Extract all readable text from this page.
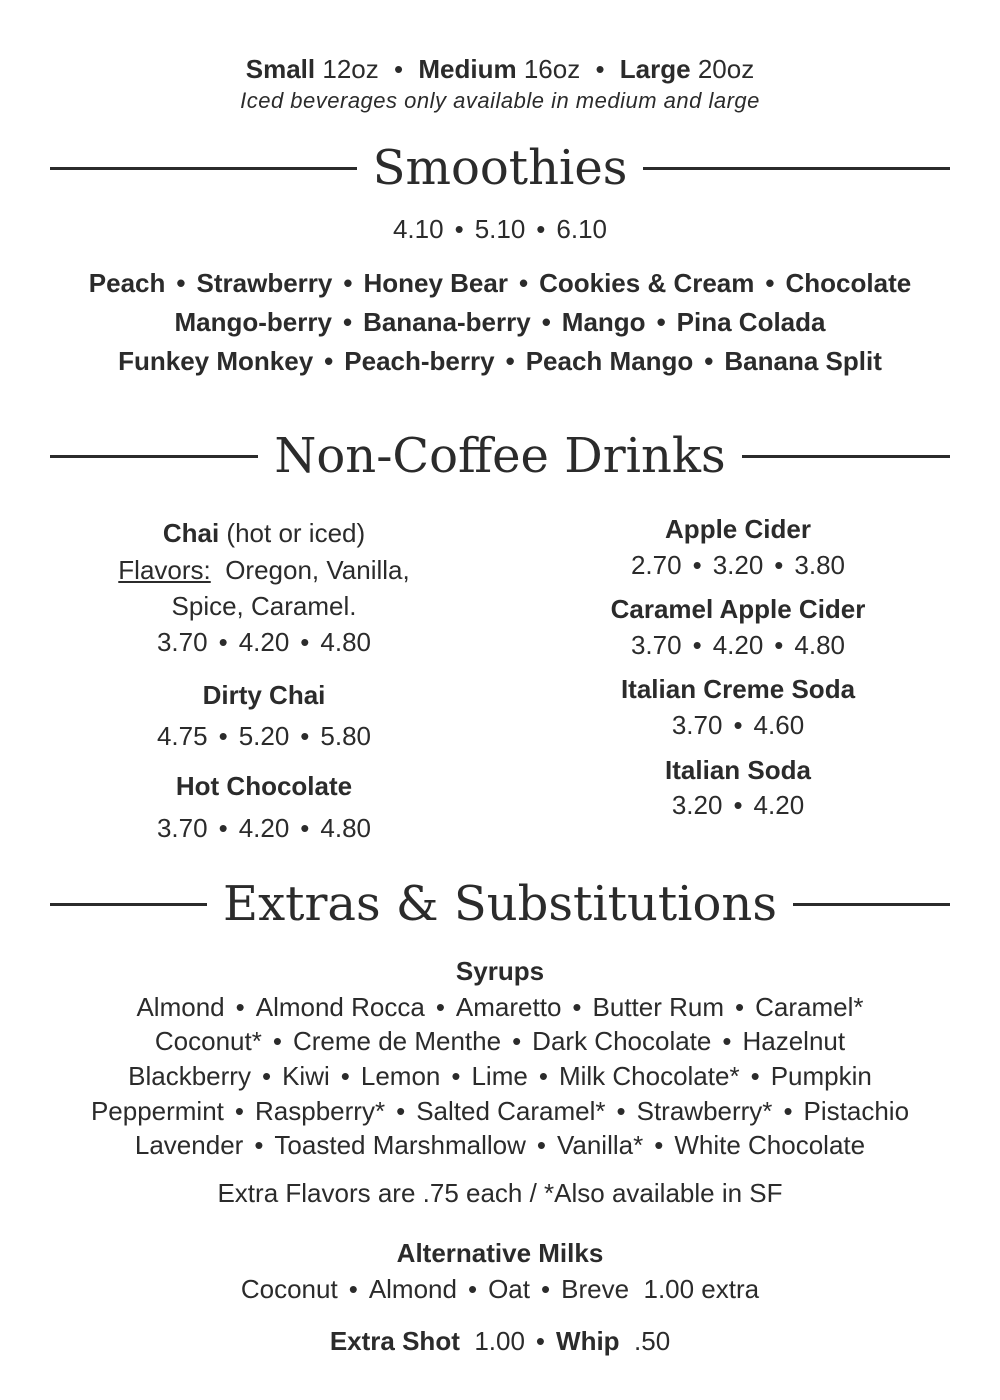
Small 12oz • Medium 16oz • Large 20oz
Iced beverages only available in medium and large
Smoothies
4.10 • 5.10 • 6.10
Peach • Strawberry • Honey Bear • Cookies & Cream • Chocolate
Mango-berry • Banana-berry • Mango • Pina Colada
Funkey Monkey • Peach-berry • Peach Mango • Banana Split
Non-Coffee Drinks
Chai (hot or iced)
Flavors: Oregon, Vanilla,
Spice, Caramel.
3.70 • 4.20 • 4.80
Dirty Chai
4.75 • 5.20 • 5.80
Hot Chocolate
3.70 • 4.20 • 4.80
Apple Cider
2.70 • 3.20 • 3.80
Caramel Apple Cider
3.70 • 4.20 • 4.80
Italian Creme Soda
3.70 • 4.60
Italian Soda
3.20 • 4.20
Extras & Substitutions
Syrups
Almond • Almond Rocca • Amaretto • Butter Rum • Caramel*
Coconut* • Creme de Menthe • Dark Chocolate • Hazelnut
Blackberry • Kiwi • Lemon • Lime • Milk Chocolate* • Pumpkin
Peppermint • Raspberry* • Salted Caramel* • Strawberry* • Pistachio
Lavender • Toasted Marshmallow • Vanilla* • White Chocolate
Extra Flavors are .75 each / *Also available in SF
Alternative Milks
Coconut • Almond • Oat • Breve 1.00 extra
Extra Shot 1.00 • Whip .50
